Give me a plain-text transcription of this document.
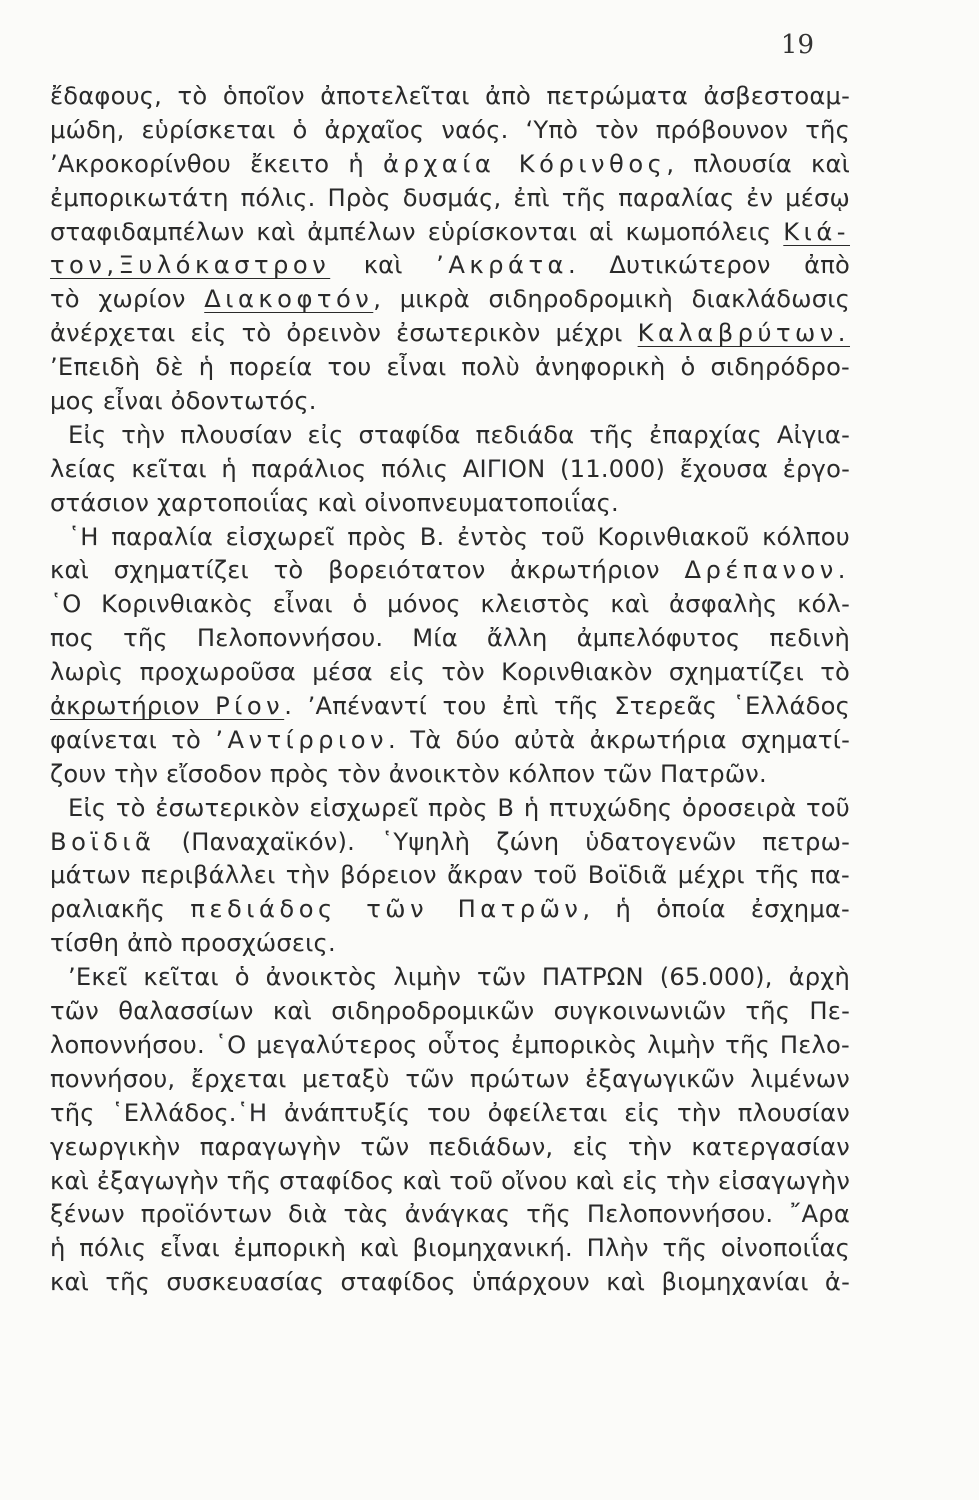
19
ἔδαφους, τὸ ὁποῖον ἀποτελεῖται ἀπὸ πετρώματα ἀσβεστοαμ-
μώδη, εὑρίσκεται ὁ ἀρχαῖος ναός. ‘Υπὸ τὸν πρόβουνον τῆς
’Ακροκορίνθου ἔκειτο ἡ ἀρχαία Κόρινθος, πλουσία καὶ
ἐμπορικωτάτη πόλις. Πρὸς δυσμάς, ἐπὶ τῆς παραλίας ἐν μέσῳ
σταφιδαμπέλων καὶ ἀμπέλων εὑρίσκονται αἱ κωμοπόλεις Κιά-
τον,Ξυλόκαστρον καὶ ’Ακράτα. Δυτικώτερον ἀπὸ
τὸ χωρίον Διακοφτόν, μικρὰ σιδηροδρομικὴ διακλάδωσις
ἀνέρχεται εἰς τὸ ὀρεινὸν ἐσωτερικὸν μέχρι Καλαβρύτων.
’Επειδὴ δὲ ἡ πορεία του εἶναι πολὺ ἀνηφορικὴ ὁ σιδηρόδρο-
μος εἶναι ὀδοντωτός.
Εἰς τὴν πλουσίαν εἰς σταφίδα πεδιάδα τῆς ἐπαρχίας Αἰγια-
λείας κεῖται ἡ παράλιος πόλις ΑΙΓΙΟΝ (11.000) ἔχουσα ἐργο-
στάσιον χαρτοποιΐας καὶ οἰνοπνευματοποιΐας.
῾Η παραλία εἰσχωρεῖ πρὸς Β. ἐντὸς τοῦ Κορινθιακοῦ κόλπου
καὶ σχηματίζει τὸ βορειότατον ἀκρωτήριον Δρέπανον.
῾Ο Κορινθιακὸς εἶναι ὁ μόνος κλειστὸς καὶ ἀσφαλὴς κόλ-
πος τῆς Πελοποννήσου. Μία ἄλλη ἀμπελόφυτος πεδινὴ
λωρὶς προχωροῦσα μέσα εἰς τὸν Κορινθιακὸν σχηματίζει τὸ
ἀκρωτήριον Ρίον. ’Απέναντί του ἐπὶ τῆς Στερεᾶς ῾Ελλάδος
φαίνεται τὸ ’Αντίρριον. Τὰ δύο αὐτὰ ἀκρωτήρια σχηματί-
ζουν τὴν εἴσοδον πρὸς τὸν ἀνοικτὸν κόλπον τῶν Πατρῶν.
Εἰς τὸ ἐσωτερικὸν εἰσχωρεῖ πρὸς Β ἡ πτυχώδης ὀροσειρὰ τοῦ
Βοϊδιᾶ (Παναχαϊκόν). ῾Υψηλὴ ζώνη ὑδατογενῶν πετρω-
μάτων περιβάλλει τὴν βόρειον ἄκραν τοῦ Βοϊδιᾶ μέχρι τῆς πα-
ραλιακῆς πεδιάδος τῶν Πατρῶν, ἡ ὁποία ἐσχημα-
τίσθη ἀπὸ προσχώσεις.
’Εκεῖ κεῖται ὁ ἀνοικτὸς λιμὴν τῶν ΠΑΤΡΩΝ (65.000), ἀρχὴ
τῶν θαλασσίων καὶ σιδηροδρομικῶν συγκοινωνιῶν τῆς Πε-
λοποννήσου. ῾Ο μεγαλύτερος οὗτος ἐμπορικὸς λιμὴν τῆς Πελο-
ποννήσου, ἔρχεται μεταξὺ τῶν πρώτων ἐξαγωγικῶν λιμένων
τῆς ῾Ελλάδος.῾Η ἀνάπτυξίς του ὀφείλεται εἰς τὴν πλουσίαν
γεωργικὴν παραγωγὴν τῶν πεδιάδων, εἰς τὴν κατεργασίαν
καὶ ἐξαγωγὴν τῆς σταφίδος καὶ τοῦ οἴνου καὶ εἰς τὴν εἰσαγωγὴν
ξένων προϊόντων διὰ τὰς ἀνάγκας τῆς Πελοποννήσου. ῎Αρα
ἡ πόλις εἶναι ἐμπορικὴ καὶ βιομηχανική. Πλὴν τῆς οἰνοποιΐας
καὶ τῆς συσκευασίας σταφίδος ὑπάρχουν καὶ βιομηχανίαι ἀ-
